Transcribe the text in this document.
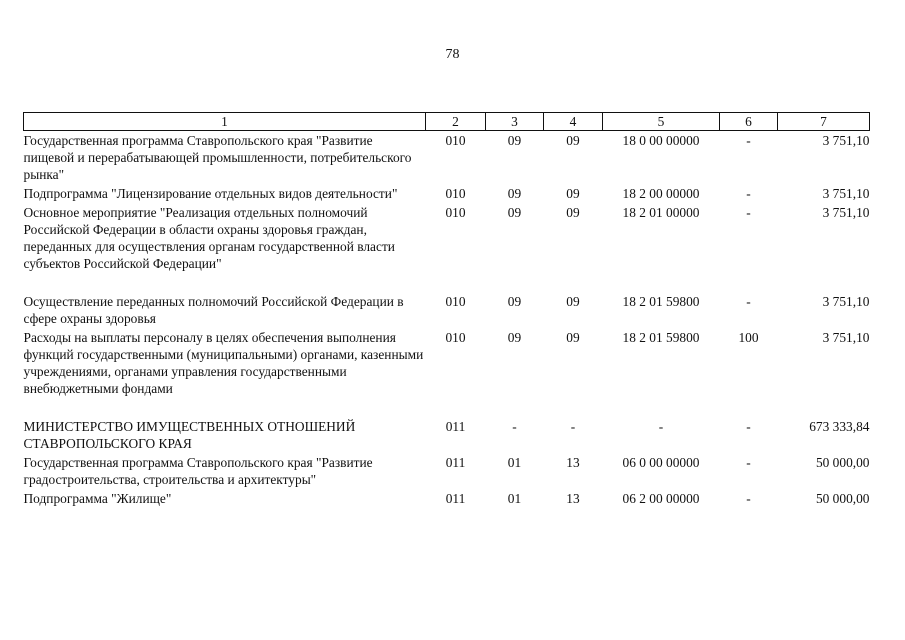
78
1	2	3	4	5	6	7
Государственная программа Ставропольского края "Развитие пищевой и перерабатывающей промышленности, потребительского рынка"	010	09	09	18 0 00 00000	-	3 751,10
Подпрограмма "Лицензирование отдельных видов деятельности"	010	09	09	18 2 00 00000	-	3 751,10
Основное мероприятие "Реализация отдельных полномочий Российской Федерации в области охраны здоровья граждан, переданных для осуществления органам государственной власти субъектов Российской Федерации"	010	09	09	18 2 01 00000	-	3 751,10

Осуществление переданных полномочий Российской Федерации в сфере охраны здоровья	010	09	09	18 2 01 59800	-	3 751,10
Расходы на выплаты персоналу в целях обеспечения выполнения функций государственными (муниципальными) органами, казенными учреждениями, органами управления государственными внебюджетными фондами	010	09	09	18 2 01 59800	100	3 751,10

МИНИСТЕРСТВО ИМУЩЕСТВЕННЫХ ОТНОШЕНИЙ СТАВРОПОЛЬСКОГО КРАЯ	011	-	-	-	-	673 333,84
Государственная программа Ставропольского края "Развитие градостроительства, строительства и архитектуры"	011	01	13	06 0 00 00000	-	50 000,00
Подпрограмма "Жилище"	011	01	13	06 2 00 00000	-	50 000,00
